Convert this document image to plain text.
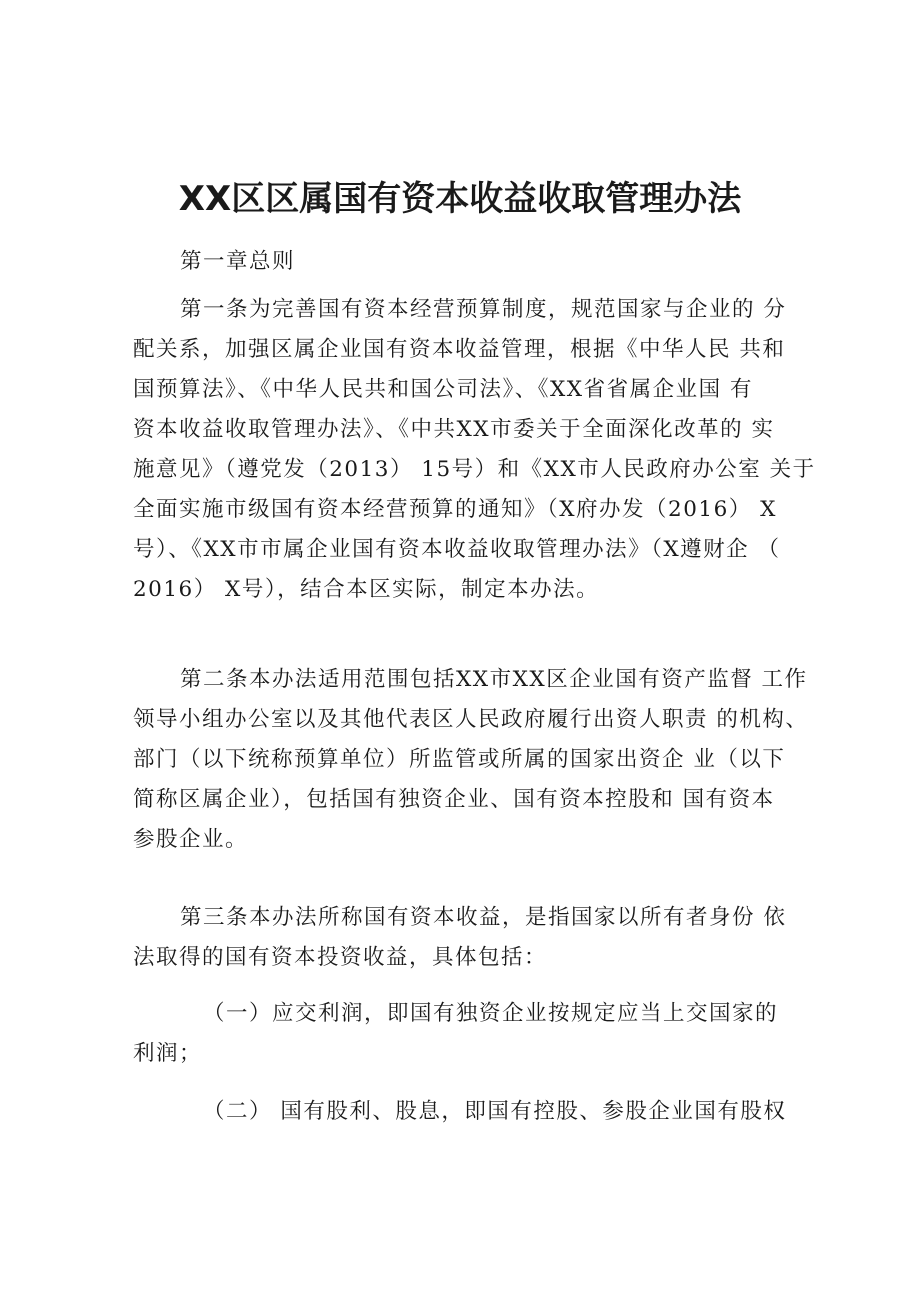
XX区区属国有资本收益收取管理办法
第一章总则
第一条为完善国有资本经营预算制度，规范国家与企业的 分
配关系，加强区属企业国有资本收益管理，根据《中华人民 共和
国预算法》、《中华人民共和国公司法》、《XX省省属企业国 有
资本收益收取管理办法》、《中共XX市委关于全面深化改革的 实
施意见》（遵党发（2013） 15号）和《XX市人民政府办公室 关于
全面实施市级国有资本经营预算的通知》（X府办发（2016） X
号）、《XX市市属企业国有资本收益收取管理办法》（X遵财企 （
2016） X号），结合本区实际，制定本办法。
第二条本办法适用范围包括XX市XX区企业国有资产监督 工作
领导小组办公室以及其他代表区人民政府履行出资人职责 的机构、
部门（以下统称预算单位）所监管或所属的国家出资企 业（以下
简称区属企业），包括国有独资企业、国有资本控股和 国有资本
参股企业。
第三条本办法所称国有资本收益，是指国家以所有者身份 依
法取得的国有资本投资收益，具体包括：
（一）应交利润，即国有独资企业按规定应当上交国家的
利润；
（二） 国有股利、股息，即国有控股、参股企业国有股权
